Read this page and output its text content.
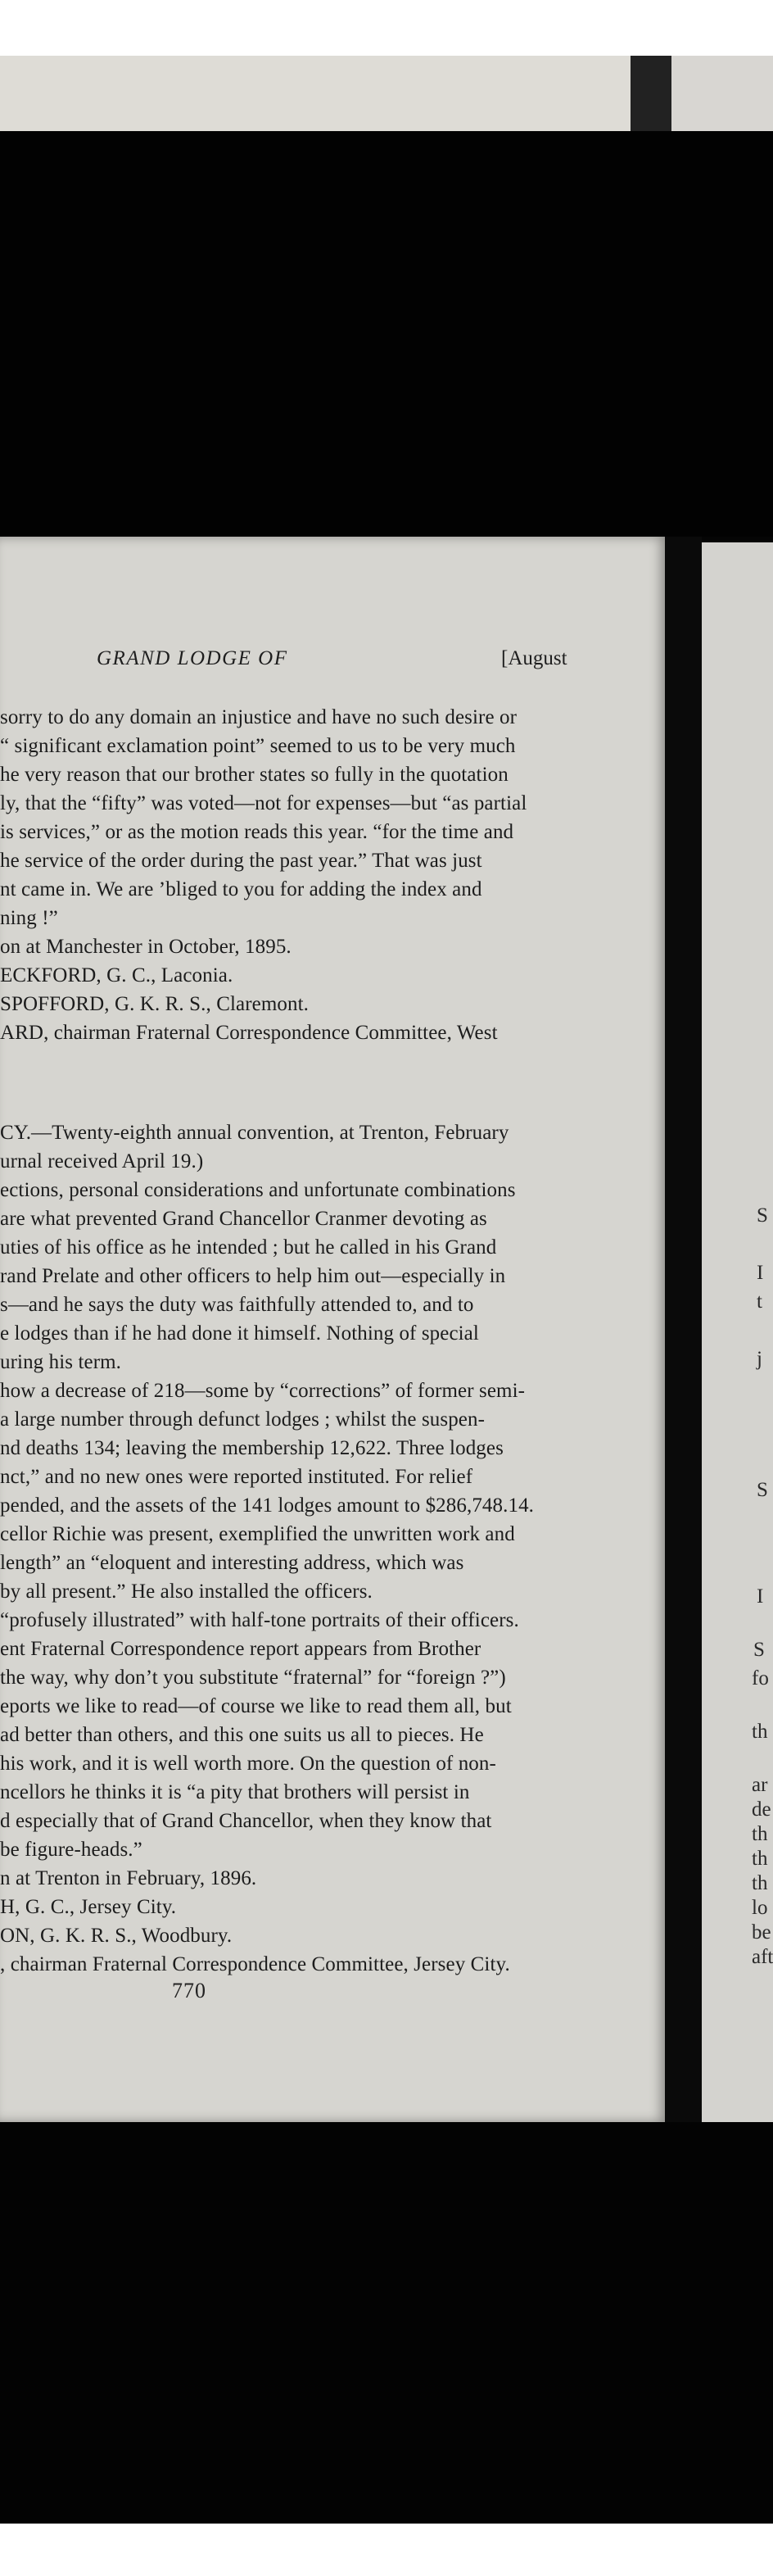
GRAND LODGE OF	[August
sorry to do any domain an injustice and have no such desire or
“ significant exclamation point” seemed to us to be very much
he very reason that our brother states so fully in the quotation
ly, that the “fifty” was voted—not for expenses—but “as partial
is services,” or as the motion reads this year. “for the time and
he service of the order during the past year.” That was just
nt came in. We are ’bliged to you for adding the index and
ning !”
on at Manchester in October, 1895.
ECKFORD, G. C., Laconia.
SPOFFORD, G. K. R. S., Claremont.
ARD, chairman Fraternal Correspondence Committee, West
CY.—Twenty-eighth annual convention, at Trenton, February
urnal received April 19.)
ections, personal considerations and unfortunate combinations
are what prevented Grand Chancellor Cranmer devoting as
uties of his office as he intended ; but he called in his Grand
rand Prelate and other officers to help him out—especially in
s—and he says the duty was faithfully attended to, and to
e lodges than if he had done it himself. Nothing of special
uring his term.
how a decrease of 218—some by “corrections” of former semi-
a large number through defunct lodges ; whilst the suspen-
nd deaths 134; leaving the membership 12,622. Three lodges
nct,” and no new ones were reported instituted. For relief
pended, and the assets of the 141 lodges amount to $286,748.14.
cellor Richie was present, exemplified the unwritten work and
length” an “eloquent and interesting address, which was
by all present.” He also installed the officers.
“profusely illustrated” with half-tone portraits of their officers.
ent Fraternal Correspondence report appears from Brother
the way, why don’t you substitute “fraternal” for “foreign ?”)
eports we like to read—of course we like to read them all, but
ad better than others, and this one suits us all to pieces. He
his work, and it is well worth more. On the question of non-
ncellors he thinks it is “a pity that brothers will persist in
d especially that of Grand Chancellor, when they know that
be figure-heads.”
n at Trenton in February, 1896.
H, G. C., Jersey City.
ON, G. K. R. S., Woodbury.
, chairman Fraternal Correspondence Committee, Jersey City.
770
S
I
t
j
S
I
S
fo
th
ar
de
th
th
th
lo
be
aft
